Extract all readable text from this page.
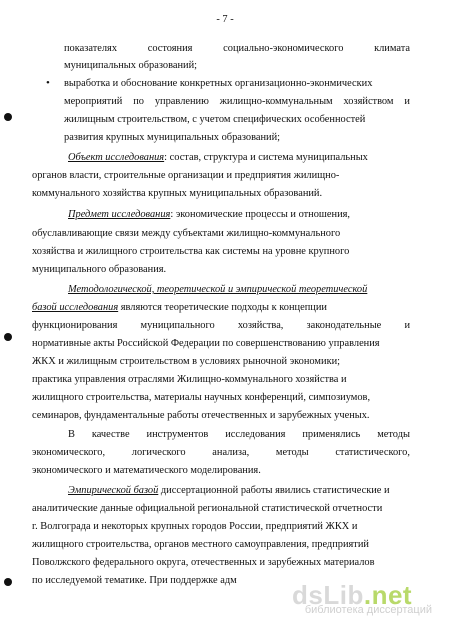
- 7 -
показателях	состояния	социально-экономического	климата
муниципальных образований;
• выработка и обоснование конкретных организационно-эконмических
мероприятий по управлению жилищно-коммунальным хозяйством и
жилищным строительством, с учетом специфических особенностей
развития крупных муниципальных образований;
Объект исследования: состав, структура и система муниципальных
органов власти, строительные организации и предприятия жилищно-
коммунального хозяйства крупных муниципальных образований.
Предмет исследования: экономические процессы и отношения,
обуславливающие связи между субъектами жилищно-коммунального
хозяйства и жилищного строительства как системы на уровне крупного
муниципального образования.
Методологической, теоретической и эмпирической теоретической
базой исследования являются теоретические подходы к концепции
функционирования муниципального хозяйства, законодательные и
нормативные акты Российской Федерации по совершенствованию управления
ЖКХ и жилищным строительством в условиях рыночной экономики;
практика управления отраслями Жилищно-коммунального хозяйства и
жилищного строительства, материалы научных конференций, симпозиумов,
семинаров, фундаментальные работы отечественных и зарубежных ученых.
В качестве инструментов исследования применялись методы
экономического,	логического	анализа,	методы	статистического,
экономического и математического моделирования.
Эмпирической базой диссертационной работы явились статистические и
аналитические данные официальной региональной статистической отчетности
г. Волгограда и некоторых крупных городов России, предприятий ЖКХ и
жилищного строительства, органов местного самоуправления, предприятий
Поволжского федерального округа, отечественных и зарубежных материалов
по исследуемой тематике. При поддержке адм dsLib.net
библиотека диссертаций
